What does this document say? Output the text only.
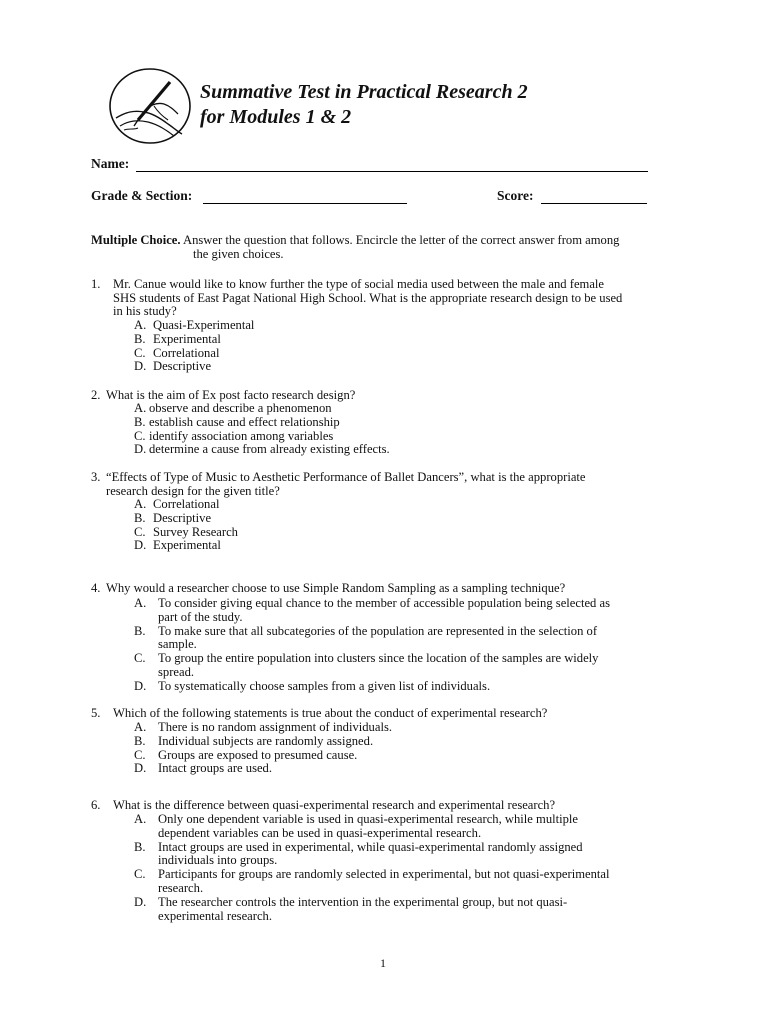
Summative Test in Practical Research 2
for Modules 1 & 2
Name:
Grade & Section:	Score:
Multiple Choice. Answer the question that follows. Encircle the letter of the correct answer from among
the given choices.
1. Mr. Canue would like to know further the type of social media used between the male and female
SHS students of East Pagat National High School. What is the appropriate research design to be used
in his study?
A. Quasi-Experimental
B. Experimental
C. Correlational
D. Descriptive
2. What is the aim of Ex post facto research design?
A. observe and describe a phenomenon
B. establish cause and effect relationship
C. identify association among variables
D. determine a cause from already existing effects.
3. “Effects of Type of Music to Aesthetic Performance of Ballet Dancers”, what is the appropriate
research design for the given title?
A. Correlational
B. Descriptive
C. Survey Research
D. Experimental
4. Why would a researcher choose to use Simple Random Sampling as a sampling technique?
A. To consider giving equal chance to the member of accessible population being selected as
part of the study.
B. To make sure that all subcategories of the population are represented in the selection of
sample.
C. To group the entire population into clusters since the location of the samples are widely
spread.
D. To systematically choose samples from a given list of individuals.
5. Which of the following statements is true about the conduct of experimental research?
A. There is no random assignment of individuals.
B. Individual subjects are randomly assigned.
C. Groups are exposed to presumed cause.
D. Intact groups are used.
6. What is the difference between quasi-experimental research and experimental research?
A. Only one dependent variable is used in quasi-experimental research, while multiple
dependent variables can be used in quasi-experimental research.
B. Intact groups are used in experimental, while quasi-experimental randomly assigned
individuals into groups.
C. Participants for groups are randomly selected in experimental, but not quasi-experimental
research.
D. The researcher controls the intervention in the experimental group, but not quasi-
experimental research.
1
